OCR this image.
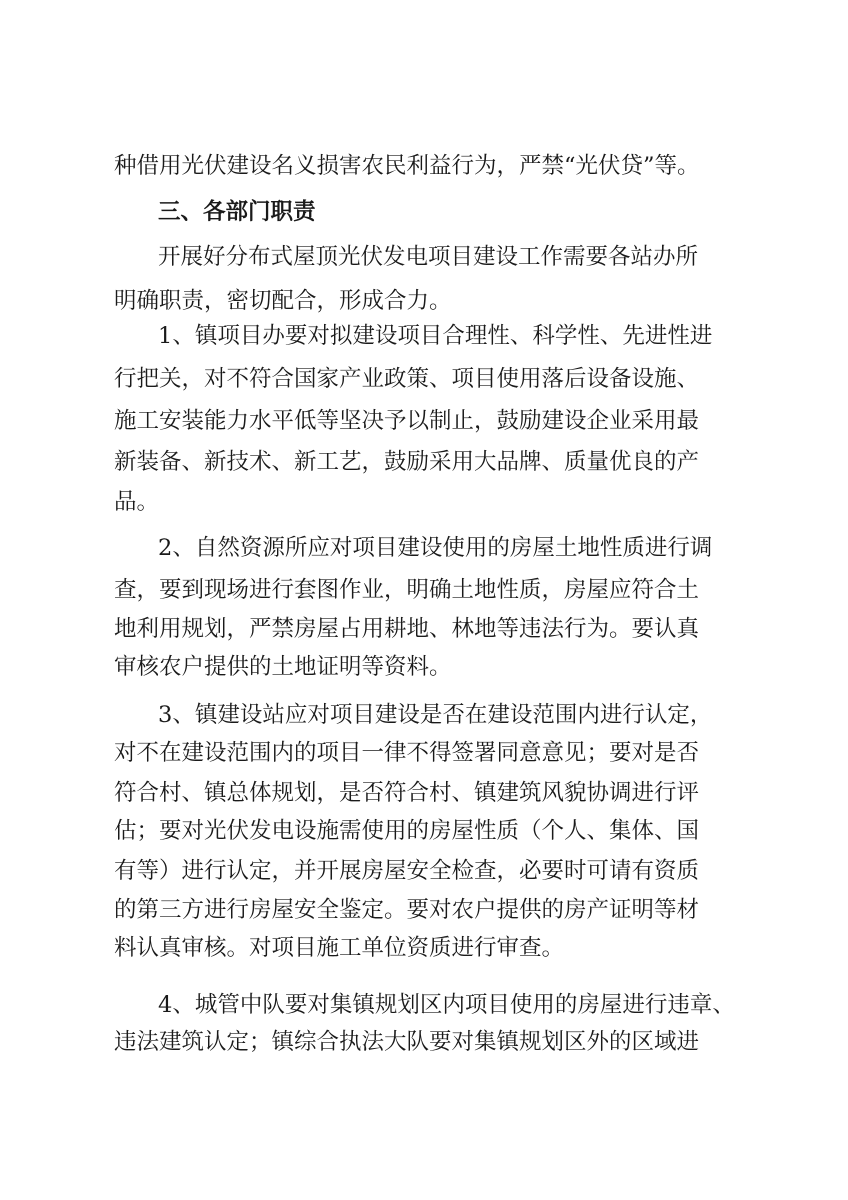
种借用光伏建设名义损害农民利益行为，严禁“光伏贷”等。
三、各部门职责
开展好分布式屋顶光伏发电项目建设工作需要各站办所
明确职责，密切配合，形成合力。
1、镇项目办要对拟建设项目合理性、科学性、先进性进
行把关，对不符合国家产业政策、项目使用落后设备设施、
施工安装能力水平低等坚决予以制止，鼓励建设企业采用最
新装备、新技术、新工艺，鼓励采用大品牌、质量优良的产
品。
2、自然资源所应对项目建设使用的房屋土地性质进行调
查，要到现场进行套图作业，明确土地性质，房屋应符合土
地利用规划，严禁房屋占用耕地、林地等违法行为。要认真
审核农户提供的土地证明等资料。
3、镇建设站应对项目建设是否在建设范围内进行认定，
对不在建设范围内的项目一律不得签署同意意见；要对是否
符合村、镇总体规划，是否符合村、镇建筑风貌协调进行评
估；要对光伏发电设施需使用的房屋性质（个人、集体、国
有等）进行认定，并开展房屋安全检查，必要时可请有资质
的第三方进行房屋安全鉴定。要对农户提供的房产证明等材
料认真审核。对项目施工单位资质进行审查。
4、城管中队要对集镇规划区内项目使用的房屋进行违章、
违法建筑认定；镇综合执法大队要对集镇规划区外的区域进
